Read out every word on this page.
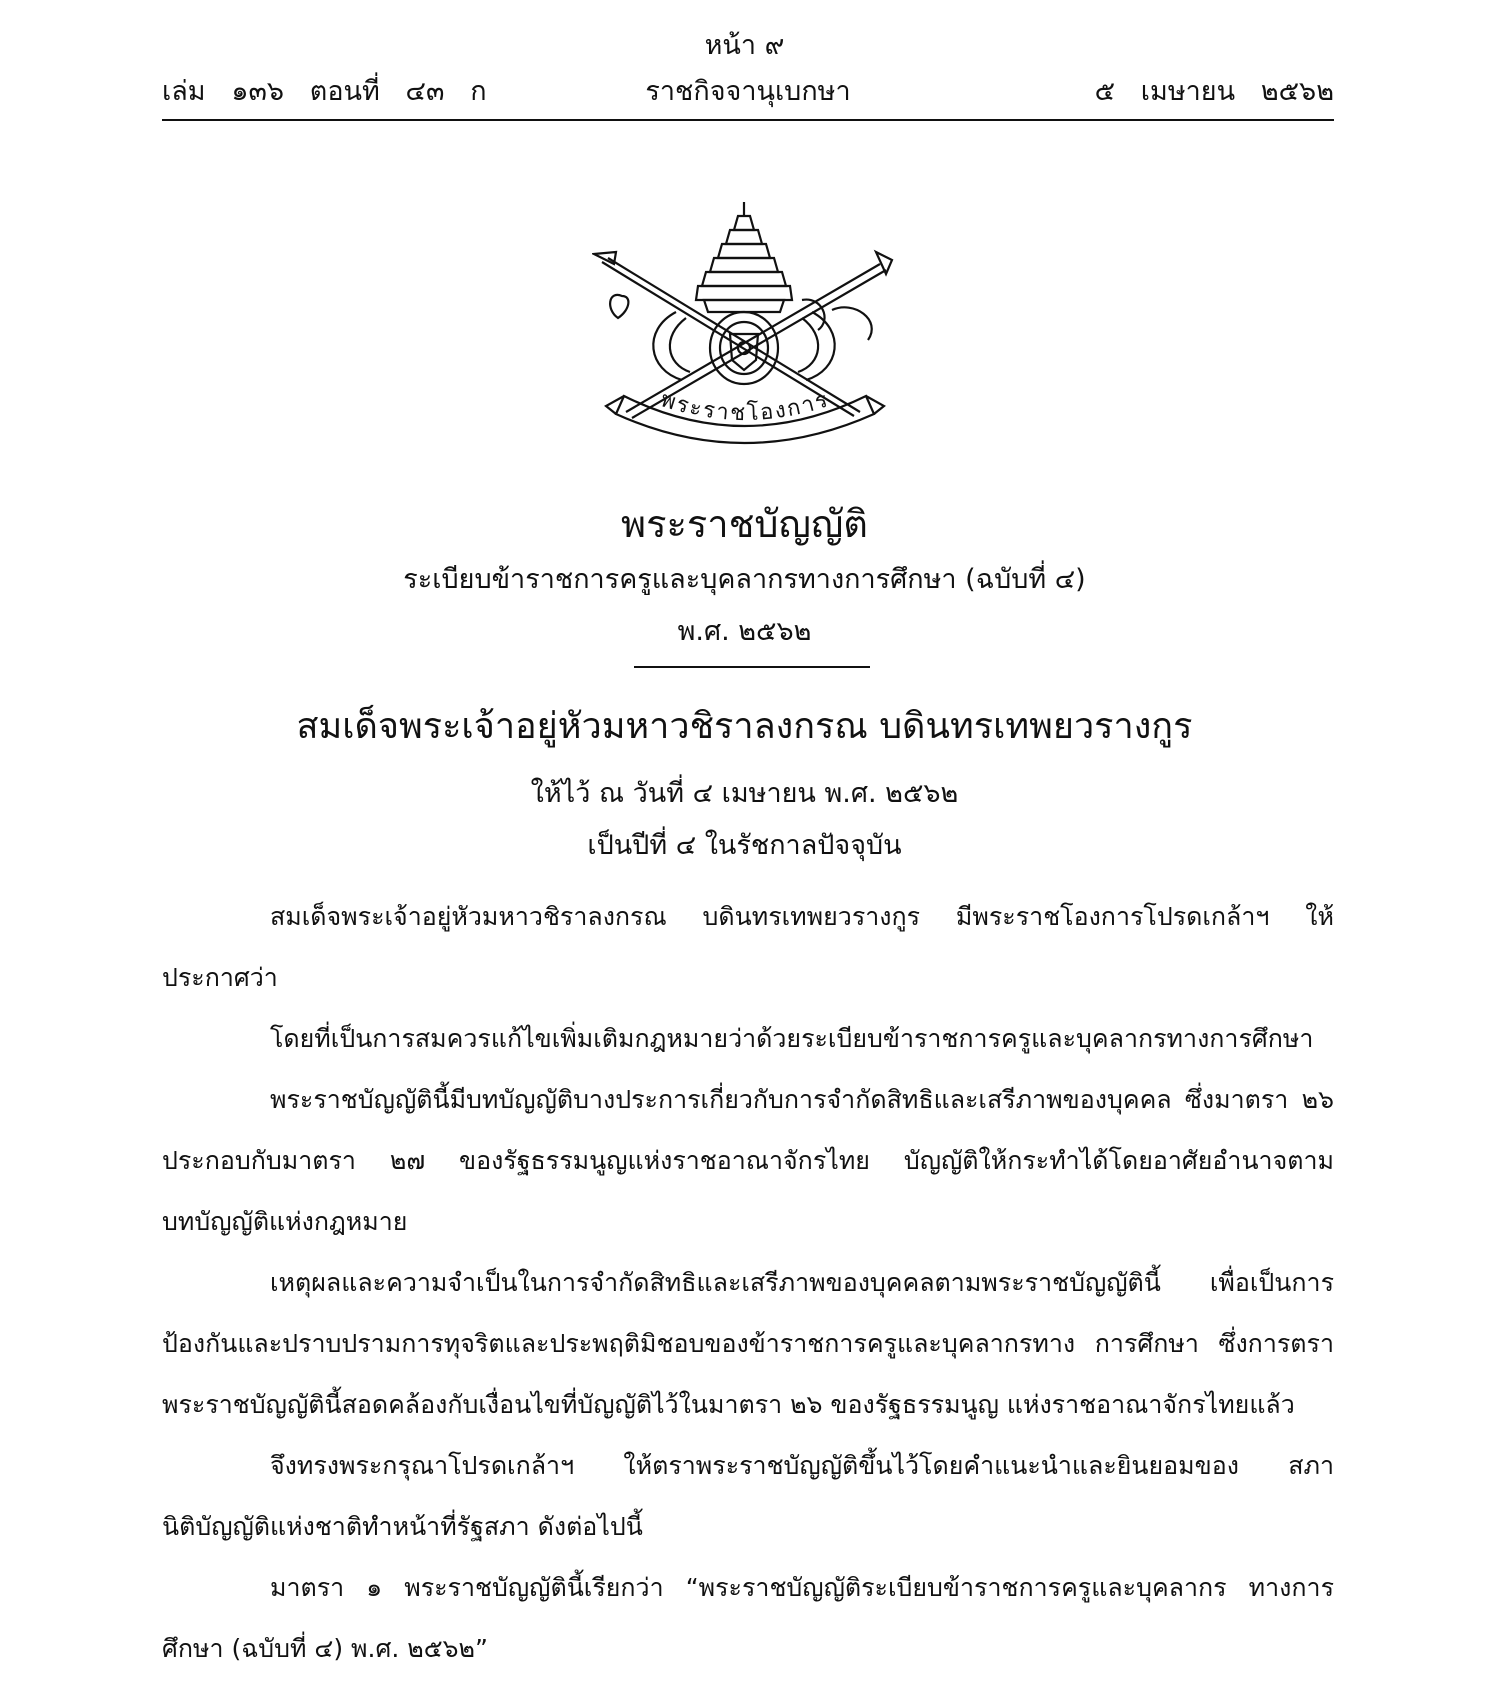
หน้า ๙
เล่ม   ๑๓๖   ตอนที่   ๔๓   ก	ราชกิจจานุเบกษา	๕   เมษายน   ๒๕๖๒
พระราชโองการ
พระราชบัญญัติ
ระเบียบข้าราชการครูและบุคลากรทางการศึกษา (ฉบับที่ ๔)
พ.ศ. ๒๕๖๒
สมเด็จพระเจ้าอยู่หัวมหาวชิราลงกรณ บดินทรเทพยวรางกูร
ให้ไว้ ณ วันที่ ๔ เมษายน พ.ศ. ๒๕๖๒
เป็นปีที่ ๔ ในรัชกาลปัจจุบัน

สมเด็จพระเจ้าอยู่หัวมหาวชิราลงกรณ บดินทรเทพยวรางกูร มีพระราชโองการโปรดเกล้าฯ ให้ประกาศว่า

โดยที่เป็นการสมควรแก้ไขเพิ่มเติมกฎหมายว่าด้วยระเบียบข้าราชการครูและบุคลากรทางการศึกษา

พระราชบัญญัตินี้มีบทบัญญัติบางประการเกี่ยวกับการจำกัดสิทธิและเสรีภาพของบุคคล ซึ่งมาตรา ๒๖ ประกอบกับมาตรา ๒๗ ของรัฐธรรมนูญแห่งราชอาณาจักรไทย บัญญัติให้กระทำได้โดยอาศัยอำนาจตามบทบัญญัติแห่งกฎหมาย

เหตุผลและความจำเป็นในการจำกัดสิทธิและเสรีภาพของบุคคลตามพระราชบัญญัตินี้ เพื่อเป็นการป้องกันและปราบปรามการทุจริตและประพฤติมิชอบของข้าราชการครูและบุคลากรทาง การศึกษา ซึ่งการตราพระราชบัญญัตินี้สอดคล้องกับเงื่อนไขที่บัญญัติไว้ในมาตรา ๒๖ ของรัฐธรรมนูญ แห่งราชอาณาจักรไทยแล้ว

จึงทรงพระกรุณาโปรดเกล้าฯ ให้ตราพระราชบัญญัติขึ้นไว้โดยคำแนะนำและยินยอมของ สภานิติบัญญัติแห่งชาติทำหน้าที่รัฐสภา ดังต่อไปนี้

มาตรา ๑ พระราชบัญญัตินี้เรียกว่า “พระราชบัญญัติระเบียบข้าราชการครูและบุคลากร ทางการศึกษา (ฉบับที่ ๔) พ.ศ. ๒๕๖๒”
